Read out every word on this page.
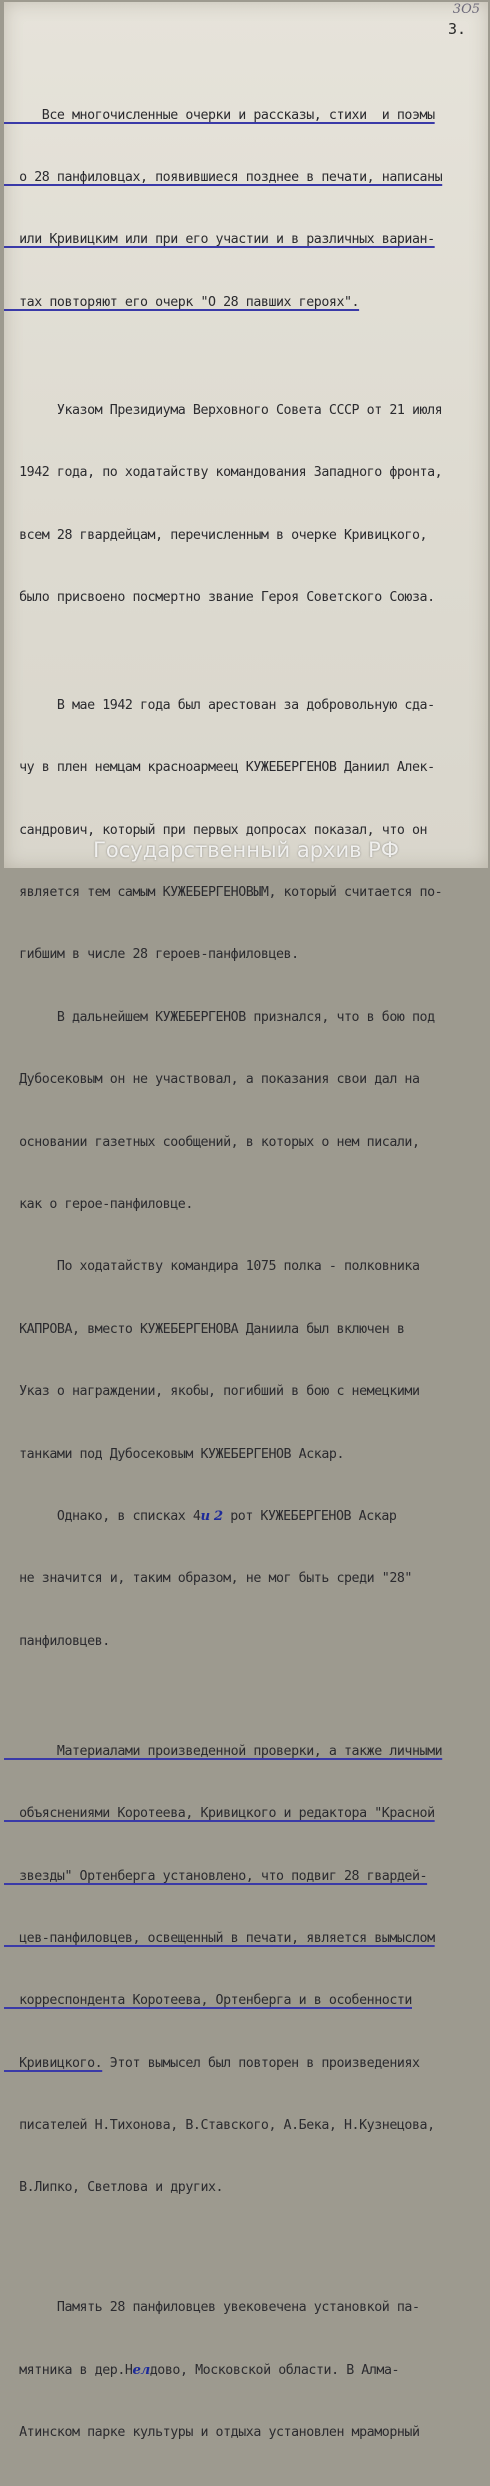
3О5
3.

Все многочисленные очерки и рассказы, стихи  и поэмы

о 28 панфиловцах, появившиеся позднее в печати, написаны

или Кривицким или при его участии и в различных вариан-

тах повторяют его очерк "О 28 павших героях".

Указом Президиума Верховного Совета СССР от 21 июля

1942 года, по ходатайству командования Западного фронта,

всем 28 гвардейцам, перечисленным в очерке Кривицкого,

было присвоено посмертно звание Героя Советского Союза.

В мае 1942 года был арестован за добровольную сда-

чу в плен немцам красноармеец КУЖЕБЕРГЕНОВ Даниил Алек-

сандрович, который при первых допросах показал, что он

является тем самым КУЖЕБЕРГЕНОВЫМ, который считается по-

гибшим в числе 28 героев-панфиловцев.

В дальнейшем КУЖЕБЕРГЕНОВ признался, что в бою под

Дубосековым он не участвовал, а показания свои дал на

основании газетных сообщений, в которых о нем писали,

как о герое-панфиловце.

По ходатайству командира 1075 полка - полковника

КАПРОВА, вместо КУЖЕБЕРГЕНОВА Даниила был включен в

Указ о награждении, якобы, погибший в бою с немецкими

танками под Дубосековым КУЖЕБЕРГЕНОВ Аскар.

Однако, в списках 4и 2 рот КУЖЕБЕРГЕНОВ Аскар

не значится и, таким образом, не мог быть среди "28"

панфиловцев.

Материалами произведенной проверки, а также личными

объяснениями Коротеева, Кривицкого и редактора "Красной

звезды" Ортенберга установлено, что подвиг 28 гвардей-

цев-панфиловцев, освещенный в печати, является вымыслом

корреспондента Коротеева, Ортенберга и в особенности

Кривицкого. Этот вымысел был повторен в произведениях

писателей Н.Тихонова, В.Ставского, А.Бека, Н.Кузнецова,

В.Липко, Светлова и других.

Память 28 панфиловцев увековечена установкой па-

мятника в дер.Нелдово, Московской области. В Алма-

Атинском парке культуры и отдыха установлен мраморный

Государственный архив РФ
